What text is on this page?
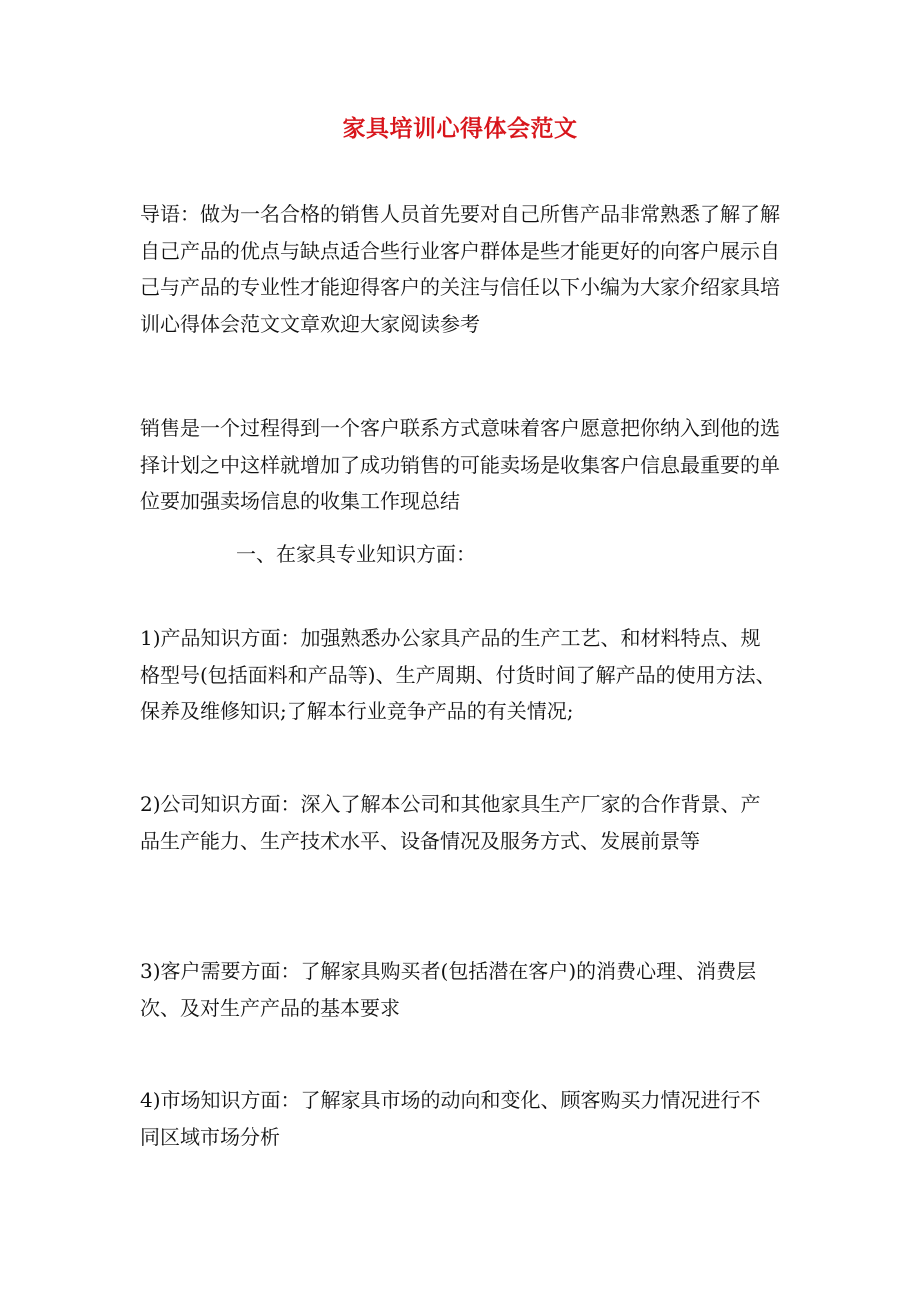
家具培训心得体会范文

导语：做为一名合格的销售人员首先要对自己所售产品非常熟悉了解了解自己产品的优点与缺点适合些行业客户群体是些才能更好的向客户展示自己与产品的专业性才能迎得客户的关注与信任以下小编为大家介绍家具培训心得体会范文文章欢迎大家阅读参考

销售是一个过程得到一个客户联系方式意味着客户愿意把你纳入到他的选择计划之中这样就增加了成功销售的可能卖场是收集客户信息最重要的单位要加强卖场信息的收集工作现总结

一、在家具专业知识方面：

1)产品知识方面：加强熟悉办公家具产品的生产工艺、和材料特点、规格型号(包括面料和产品等)、生产周期、付货时间了解产品的使用方法、保养及维修知识;了解本行业竞争产品的有关情况;

2)公司知识方面：深入了解本公司和其他家具生产厂家的合作背景、产品生产能力、生产技术水平、设备情况及服务方式、发展前景等

3)客户需要方面：了解家具购买者(包括潜在客户)的消费心理、消费层次、及对生产产品的基本要求

4)市场知识方面：了解家具市场的动向和变化、顾客购买力情况进行不同区域市场分析
